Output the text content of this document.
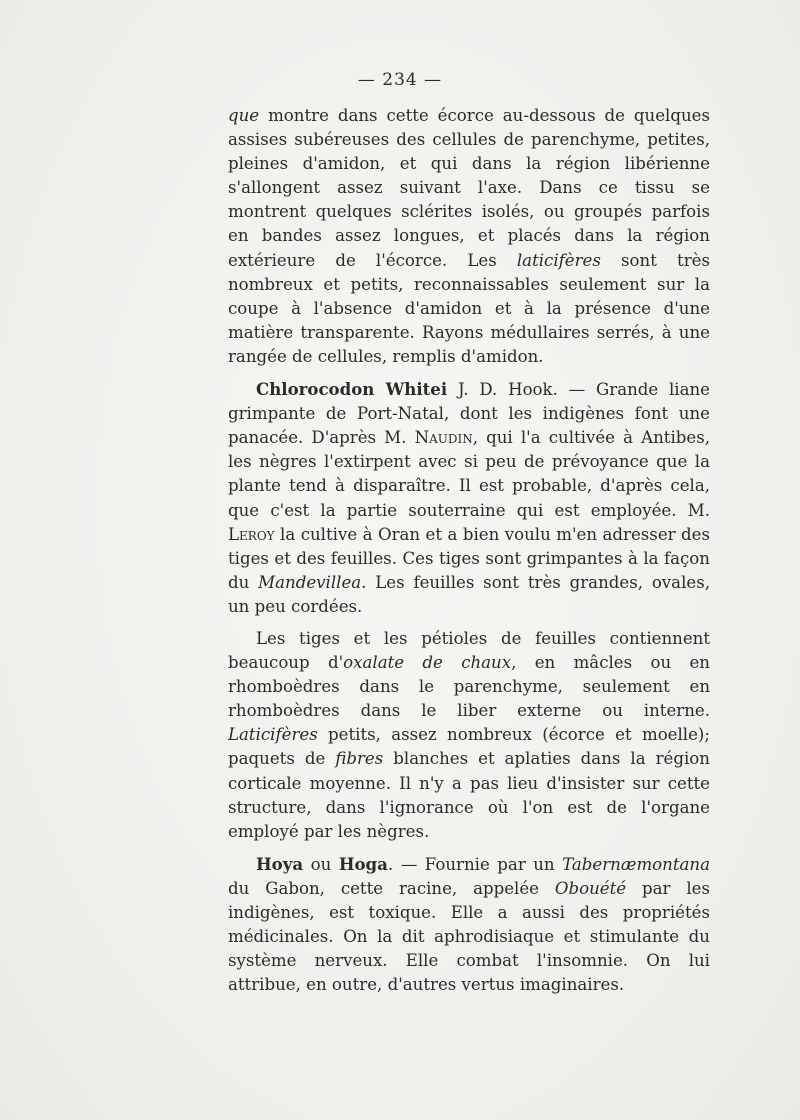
— 234 —

que montre dans cette écorce au-dessous de quelques assises subéreuses des cellules de parenchyme, petites, pleines d'amidon, et qui dans la région libérienne s'allongent assez suivant l'axe. Dans ce tissu se montrent quelques sclérites isolés, ou groupés parfois en bandes assez longues, et placés dans la région extérieure de l'écorce. Les laticifères sont très nombreux et petits, reconnaissables seulement sur la coupe à l'absence d'amidon et à la présence d'une matière transparente. Rayons médullaires serrés, à une rangée de cellules, remplis d'amidon.

Chlorocodon Whitei J. D. Hook. — Grande liane grimpante de Port-Natal, dont les indigènes font une panacée. D'après M. Naudin, qui l'a cultivée à Antibes, les nègres l'extirpent avec si peu de prévoyance que la plante tend à disparaître. Il est probable, d'après cela, que c'est la partie souterraine qui est employée. M. Leroy la cultive à Oran et a bien voulu m'en adresser des tiges et des feuilles. Ces tiges sont grimpantes à la façon du Mandevillea. Les feuilles sont très grandes, ovales, un peu cordées.

Les tiges et les pétioles de feuilles contiennent beaucoup d'oxalate de chaux, en mâcles ou en rhomboèdres dans le parenchyme, seulement en rhomboèdres dans le liber externe ou interne. Laticifères petits, assez nombreux (écorce et moelle); paquets de fibres blanches et aplaties dans la région corticale moyenne. Il n'y a pas lieu d'insister sur cette structure, dans l'ignorance où l'on est de l'organe employé par les nègres.

Hoya ou Hoga. — Fournie par un Tabernæmontana du Gabon, cette racine, appelée Obouété par les indigènes, est toxique. Elle a aussi des propriétés médicinales. On la dit aphrodisiaque et stimulante du système nerveux. Elle combat l'insomnie. On lui attribue, en outre, d'autres vertus imaginaires.
